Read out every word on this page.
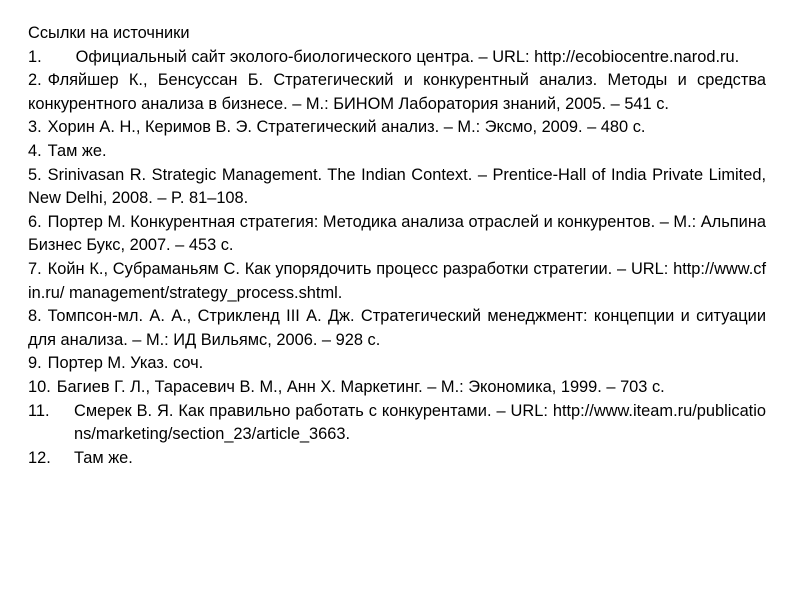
Ссылки на источники
1. Официальный сайт эколого-биологического центра. – URL: http://ecobiocentre.narod.ru.
2. Фляйшер К., Бенсуссан Б. Стратегический и конкурентный анализ. Методы и средства конкурентного анализа в бизнесе. – М.: БИНОМ Лаборатория знаний, 2005. – 541 с.
3. Хорин А. Н., Керимов В. Э. Стратегический анализ. – М.: Эксмо, 2009. – 480 с.
4. Там же.
5. Srinivasan R. Strategic Management. The Indian Context. – Prentice-Hall of India Private Limited, New Delhi, 2008. – P. 81–108.
6. Портер М. Конкурентная стратегия: Методика анализа отраслей и конкурентов. – М.: Альпина Бизнес Букс, 2007. – 453 с.
7. Койн К., Субраманьям С. Как упорядочить процесс разработки стратегии. – URL: http://www.cfin.ru/ management/strategy_process.shtml.
8. Томпсон-мл. А. А., Стрикленд III А. Дж. Стратегический менеджмент: концепции и ситуации для анализа. – М.: ИД Вильямс, 2006. – 928 с.
9. Портер М. Указ. соч.
10. Багиев Г. Л., Тарасевич В. М., Анн Х. Маркетинг. – М.: Экономика, 1999. – 703 с.
11. Смерек В. Я. Как правильно работать с конкурентами. – URL: http://www.iteam.ru/publications/marketing/section_23/article_3663.
12. Там же.
